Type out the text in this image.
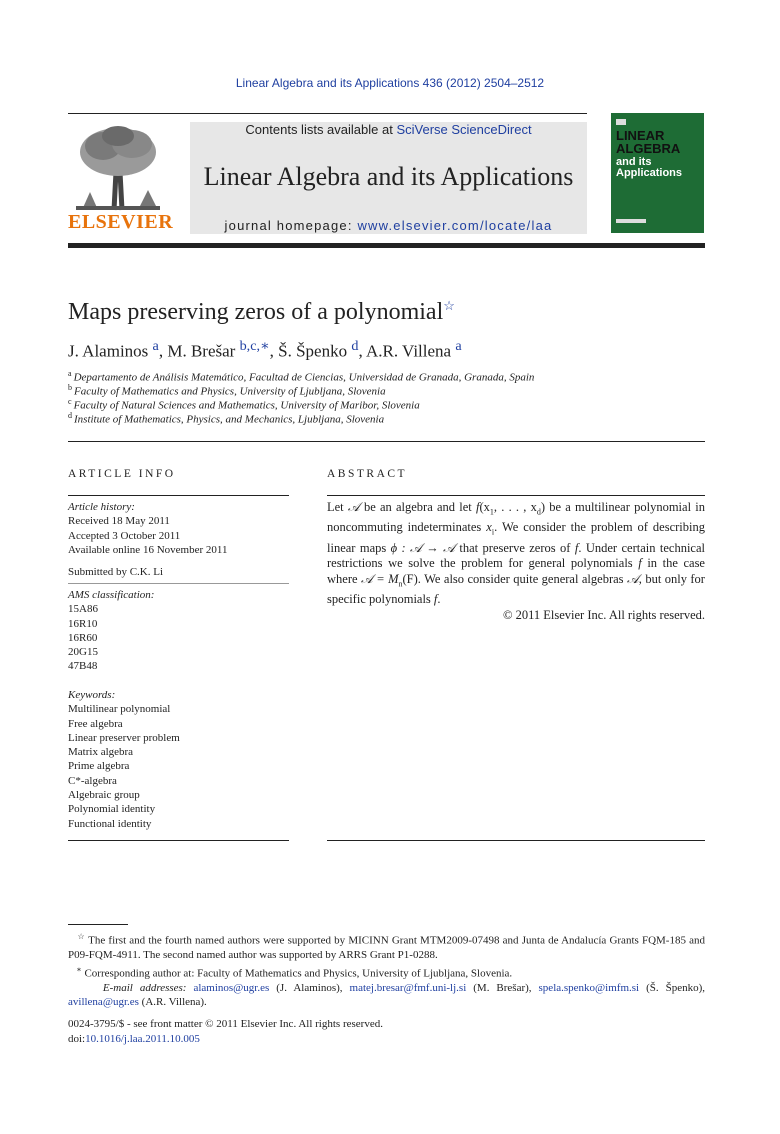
Linear Algebra and its Applications 436 (2012) 2504–2512
ELSEVIER
Contents lists available at SciVerse ScienceDirect
Linear Algebra and its Applications
journal homepage: www.elsevier.com/locate/laa
LINEAR
ALGEBRA
and its
Applications
Maps preserving zeros of a polynomial☆
J. Alaminos $^a$, M. Brešar $^{b,c,∗}$, Š. Špenko $^d$, A.R. Villena $^a$
$^a$ Departamento de Análisis Matemático, Facultad de Ciencias, Universidad de Granada, Granada, Spain
$^b$ Faculty of Mathematics and Physics, University of Ljubljana, Slovenia
$^c$ Faculty of Natural Sciences and Mathematics, University of Maribor, Slovenia
$^d$ Institute of Mathematics, Physics, and Mechanics, Ljubljana, Slovenia
ARTICLE INFO	ABSTRACT
Article history:
Received 18 May 2011
Accepted 3 October 2011
Available online 16 November 2011
Submitted by C.K. Li
AMS classification:
15A86
16R10
16R60
20G15
47B48
Keywords:
Multilinear polynomial
Free algebra
Linear preserver problem
Matrix algebra
Prime algebra
C*-algebra
Algebraic group
Polynomial identity
Functional identity
Let 𝒜 be an algebra and let $f(x_1$, . . . , $x_d$) be a multilinear polynomial in noncommuting indeterminates $x_i$. We consider the problem of describing linear maps ϕ : 𝒜 → 𝒜 that preserve zeros of f. Under certain technical restrictions we solve the problem for general polynomials f in the case where 𝒜 = $M_n(F)$. We also consider quite general algebras 𝒜, but only for specific polynomials f.
© 2011 Elsevier Inc. All rights reserved.
☆ The first and the fourth named authors were supported by MICINN Grant MTM2009-07498 and Junta de Andalucía Grants FQM-185 and P09-FQM-4911. The second named author was supported by ARRS Grant P1-0288.
∗ Corresponding author at: Faculty of Mathematics and Physics, University of Ljubljana, Slovenia.
E-mail addresses: alaminos@ugr.es (J. Alaminos), matej.bresar@fmf.uni-lj.si (M. Brešar), spela.spenko@imfm.si (Š. Špenko), avillena@ugr.es (A.R. Villena).
0024-3795/$ - see front matter © 2011 Elsevier Inc. All rights reserved.
doi:10.1016/j.laa.2011.10.005
